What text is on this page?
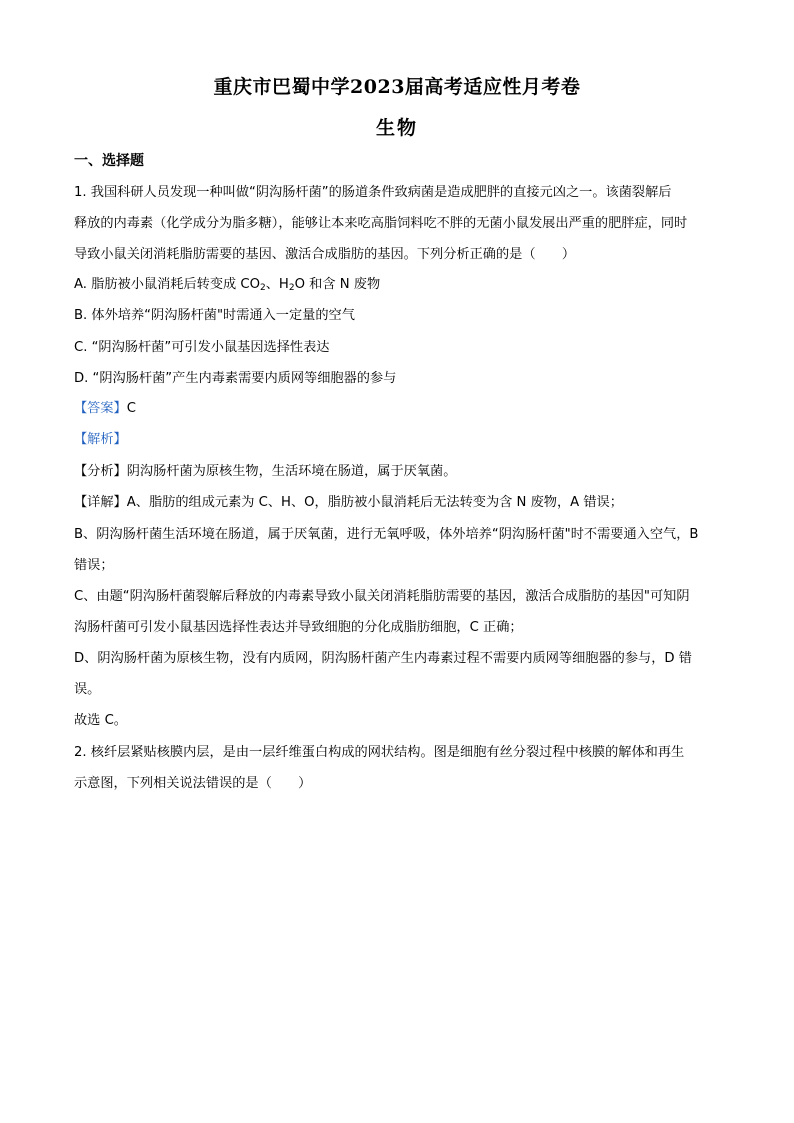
重庆市巴蜀中学2023届高考适应性月考卷
生物
一、选择题
1. 我国科研人员发现一种叫做“阴沟肠杆菌”的肠道条件致病菌是造成肥胖的直接元凶之一。该菌裂解后
释放的内毒素（化学成分为脂多糖），能够让本来吃高脂饲料吃不胖的无菌小鼠发展出严重的肥胖症，同时
导致小鼠关闭消耗脂肪需要的基因、激活合成脂肪的基因。下列分析正确的是（　　）
A. 脂肪被小鼠消耗后转变成 $CO_2$、$H_2O$ 和含 N 废物
B. 体外培养“阴沟肠杆菌"时需通入一定量的空气
C. “阴沟肠杆菌”可引发小鼠基因选择性表达
D. “阴沟肠杆菌”产生内毒素需要内质网等细胞器的参与
【答案】C
【解析】
【分析】阴沟肠杆菌为原核生物，生活环境在肠道，属于厌氧菌。
【详解】A、脂肪的组成元素为 C、H、O，脂肪被小鼠消耗后无法转变为含 N 废物，A 错误；
B、阴沟肠杆菌生活环境在肠道，属于厌氧菌，进行无氧呼吸，体外培养“阴沟肠杆菌"时不需要通入空气，B
错误；
C、由题“阴沟肠杆菌裂解后释放的内毒素导致小鼠关闭消耗脂肪需要的基因，激活合成脂肪的基因"可知阴
沟肠杆菌可引发小鼠基因选择性表达并导致细胞的分化成脂肪细胞，C 正确；
D、阴沟肠杆菌为原核生物，没有内质网，阴沟肠杆菌产生内毒素过程不需要内质网等细胞器的参与，D 错
误。
故选 C。
2. 核纤层紧贴核膜内层，是由一层纤维蛋白构成的网状结构。图是细胞有丝分裂过程中核膜的解体和再生
示意图，下列相关说法错误的是（　　）
